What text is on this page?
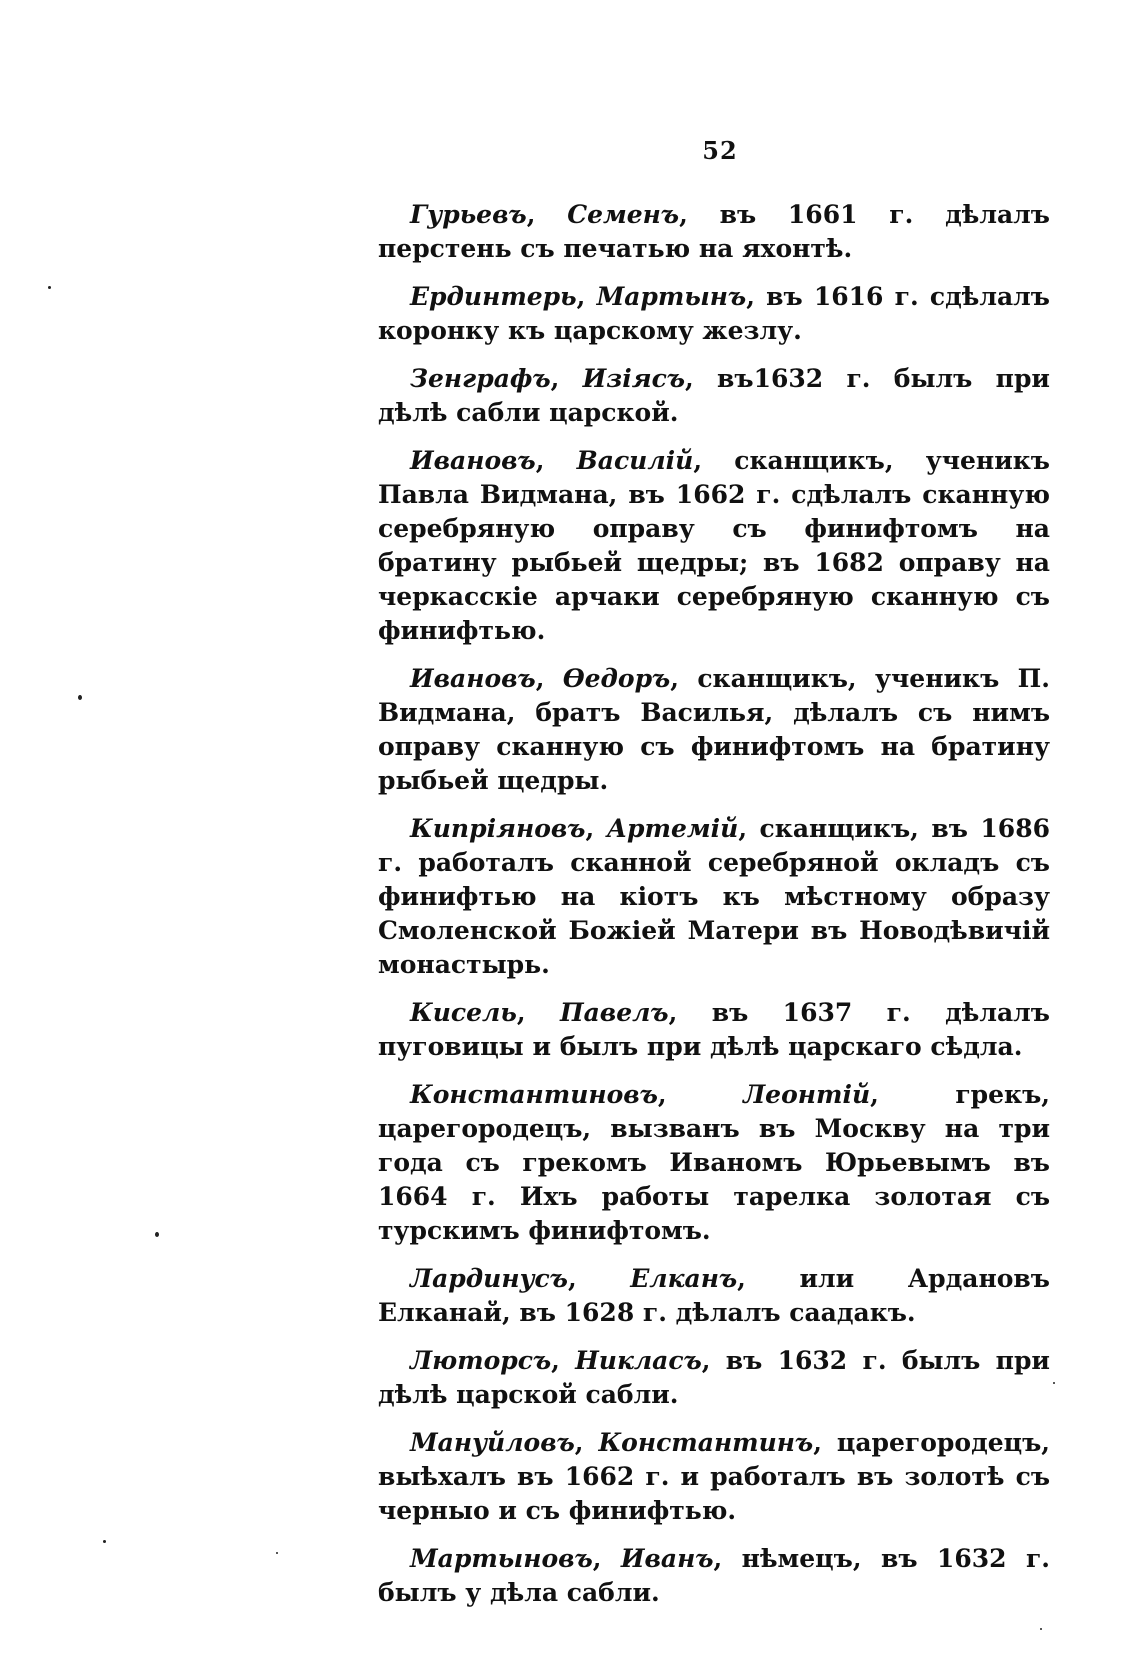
52

Гурьевъ, Семенъ, въ 1661 г. дѣлалъ перстень съ печатью на яхонтѣ.

Ердинтерь, Мартынъ, въ 1616 г. сдѣлалъ коронку къ царскому жезлу.

Зенграфъ, Изiясъ, въ1632 г. былъ при дѣлѣ сабли царской.

Ивановъ, Василiй, сканщикъ, ученикъ Павла Видмана, въ 1662 г. сдѣлалъ сканную серебряную оправу съ финифтомъ на братину рыбьей щедры; въ 1682 оправу на черкасскiе арчаки серебряную сканную съ финифтью.

Ивановъ, Ѳедоръ, сканщикъ, ученикъ П. Видмана, братъ Василья, дѣлалъ съ нимъ оправу сканную съ финифтомъ на братину рыбьей щедры.

Кипрiяновъ, Артемiй, сканщикъ, въ 1686 г. работалъ сканной серебряной окладъ съ финифтью на кiотъ къ мѣстному образу Смоленской Божiей Матери въ Новодѣвичiй монастырь.

Кисель, Павелъ, въ 1637 г. дѣлалъ пуговицы и былъ при дѣлѣ царскаго сѣдла.

Константиновъ, Леонтiй, грекъ, царегородецъ, вызванъ въ Москву на три года съ грекомъ Иваномъ Юрьевымъ въ 1664 г. Ихъ работы тарелка золотая съ турскимъ финифтомъ.

Лардинусъ, Елканъ, или Ардановъ Елканай, въ 1628 г. дѣлалъ саадакъ.

Люторсъ, Никласъ, въ 1632 г. былъ при дѣлѣ царской сабли.

Мануйловъ, Константинъ, царегородецъ, выѣхалъ въ 1662 г. и работалъ въ золотѣ съ черныо и съ финифтью.

Мартыновъ, Иванъ, нѣмецъ, въ 1632 г. былъ у дѣла сабли.
